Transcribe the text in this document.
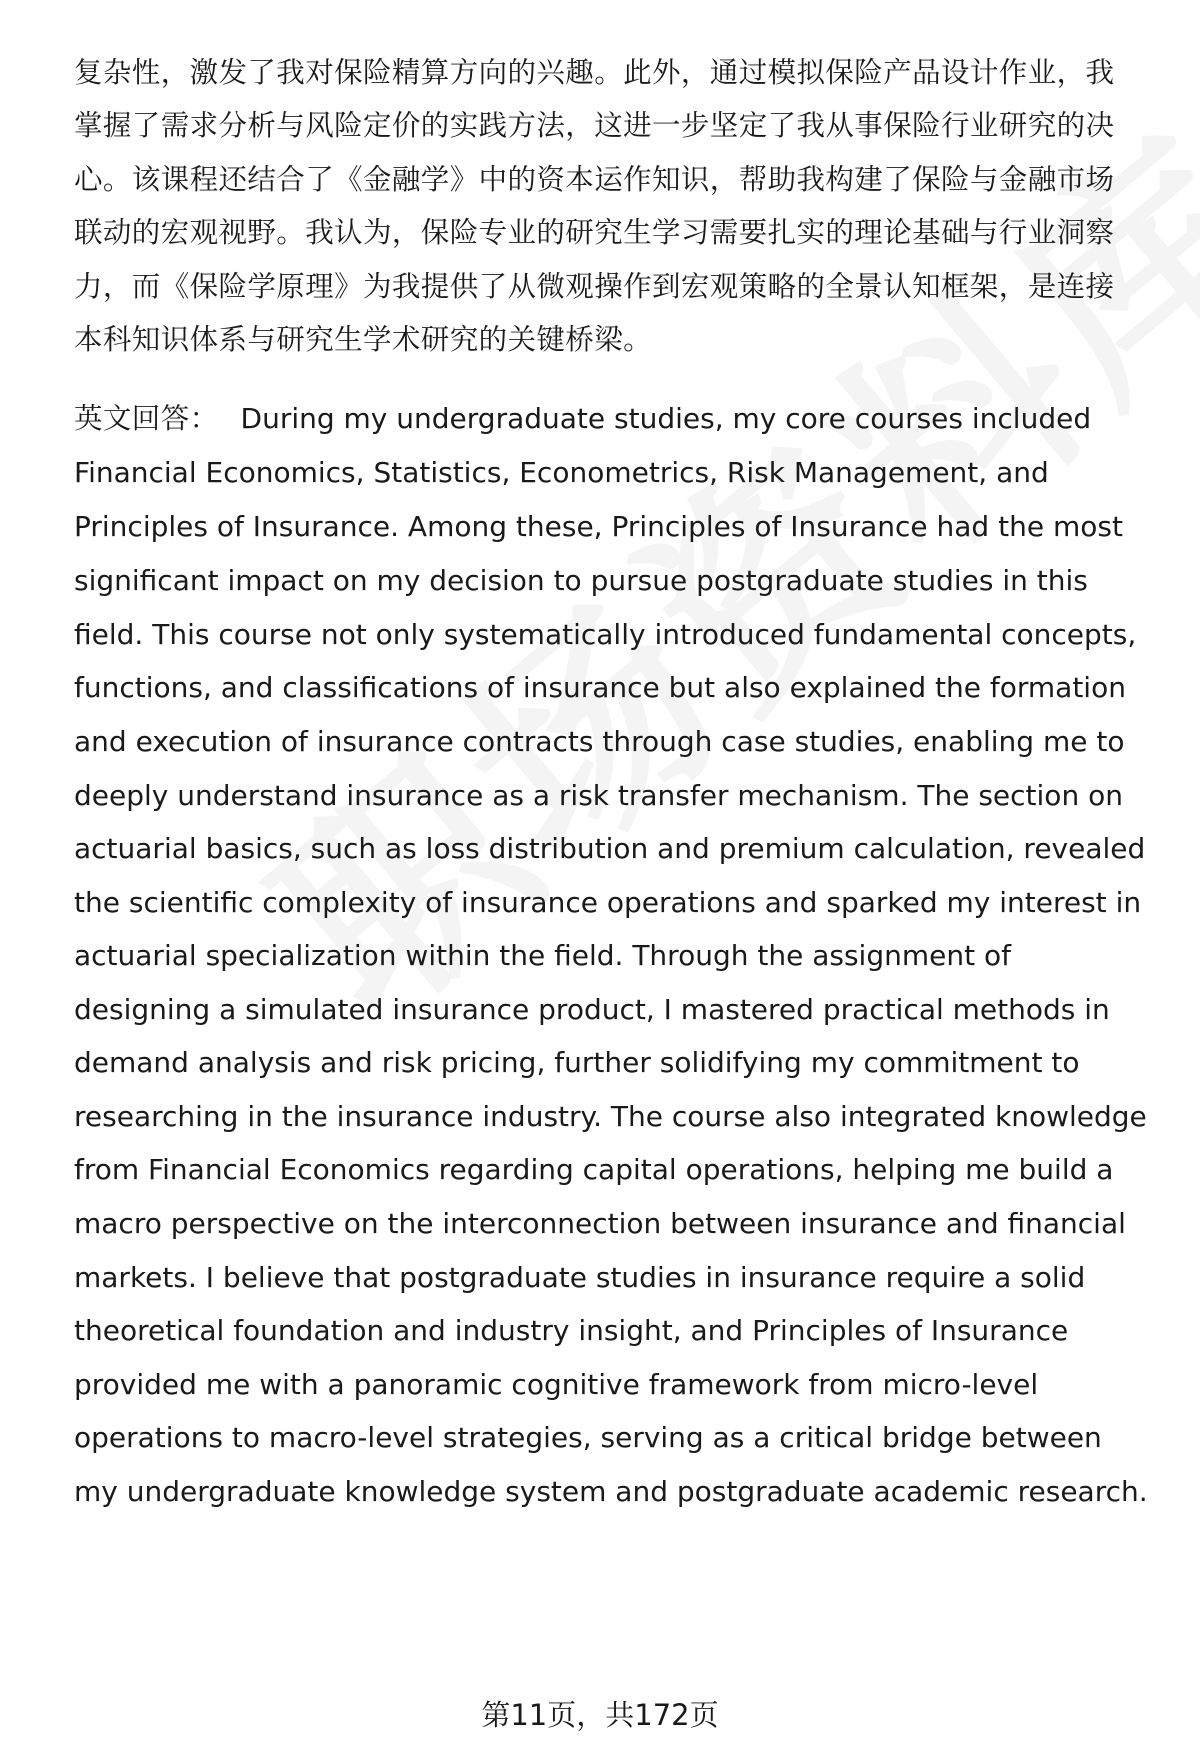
复杂性，激发了我对保险精算方向的兴趣。此外，通过模拟保险产品设计作业，我
掌握了需求分析与风险定价的实践方法，这进一步坚定了我从事保险行业研究的决
心。该课程还结合了《金融学》中的资本运作知识，帮助我构建了保险与金融市场
联动的宏观视野。我认为，保险专业的研究生学习需要扎实的理论基础与行业洞察
力，而《保险学原理》为我提供了从微观操作到宏观策略的全景认知框架，是连接
本科知识体系与研究生学术研究的关键桥梁。
英文回答： During my undergraduate studies, my core courses included
Financial Economics, Statistics, Econometrics, Risk Management, and
Principles of Insurance. Among these, Principles of Insurance had the most
significant impact on my decision to pursue postgraduate studies in this
field. This course not only systematically introduced fundamental concepts,
functions, and classifications of insurance but also explained the formation
and execution of insurance contracts through case studies, enabling me to
deeply understand insurance as a risk transfer mechanism. The section on
actuarial basics, such as loss distribution and premium calculation, revealed
the scientific complexity of insurance operations and sparked my interest in
actuarial specialization within the field. Through the assignment of
designing a simulated insurance product, I mastered practical methods in
demand analysis and risk pricing, further solidifying my commitment to
researching in the insurance industry. The course also integrated knowledge
from Financial Economics regarding capital operations, helping me build a
macro perspective on the interconnection between insurance and financial
markets. I believe that postgraduate studies in insurance require a solid
theoretical foundation and industry insight, and Principles of Insurance
provided me with a panoramic cognitive framework from micro-level
operations to macro-level strategies, serving as a critical bridge between
my undergraduate knowledge system and postgraduate academic research.
第11页，共172页
